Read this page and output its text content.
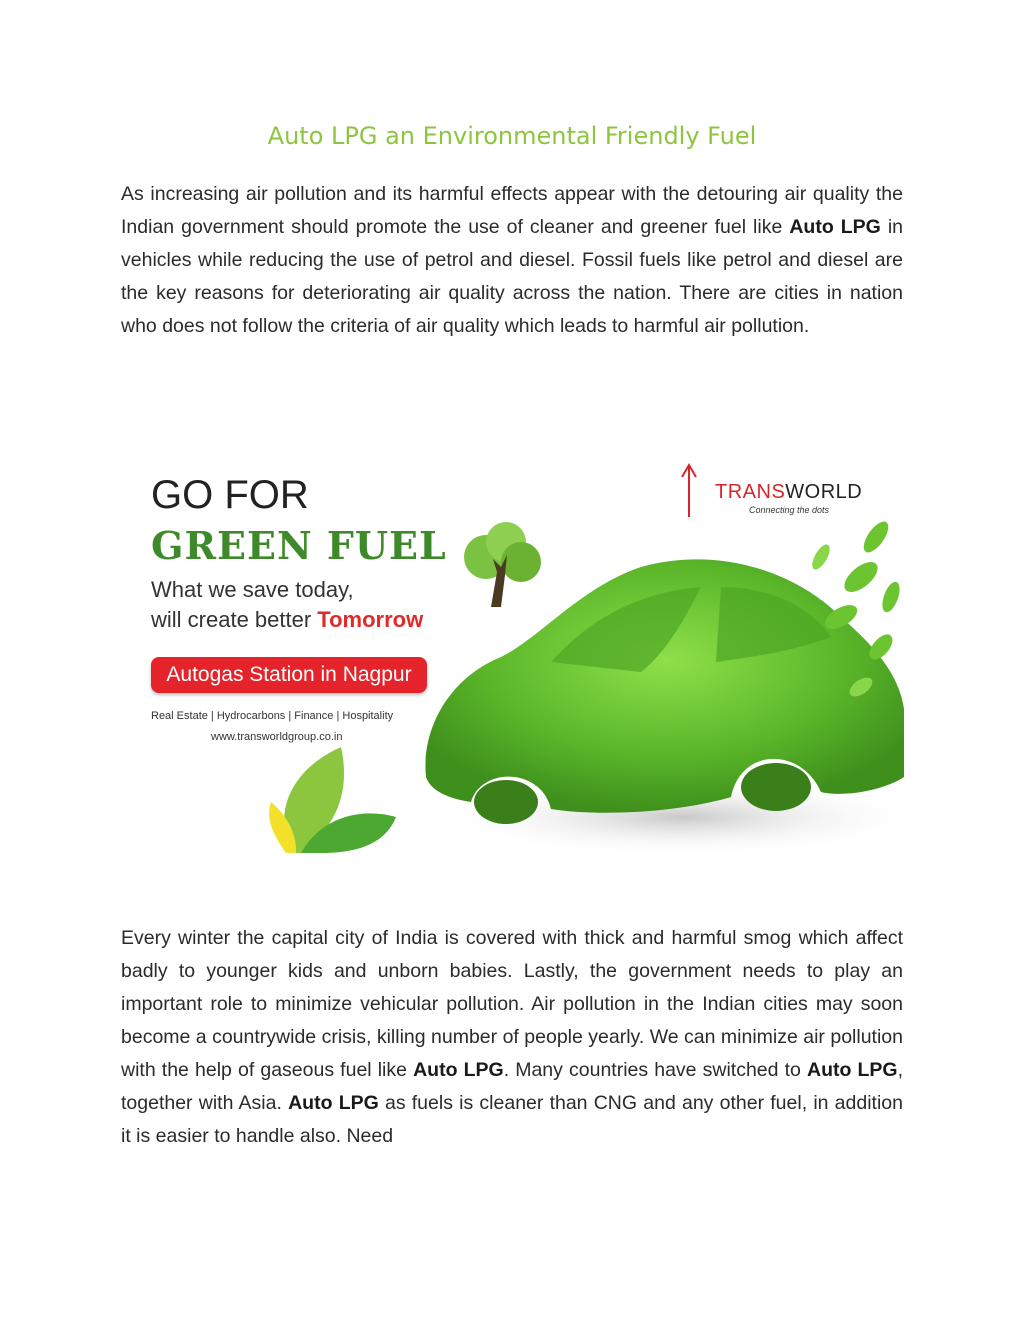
Auto LPG an Environmental Friendly Fuel

As increasing air pollution and its harmful effects appear with the detouring air quality the Indian government should promote the use of cleaner and greener fuel like Auto LPG in vehicles while reducing the use of petrol and diesel. Fossil fuels like petrol and diesel are the key reasons for deteriorating air quality across the nation. There are cities in nation who does not follow the criteria of air quality which leads to harmful air pollution.

GO FOR
GREEN FUEL
What we save today,
will create better Tomorrow
Autogas Station in Nagpur
Real Estate | Hydrocarbons | Finance | Hospitality
www.transworldgroup.co.in
TRANSWORLD
Connecting the dots

Every winter the capital city of India is covered with thick and harmful smog which affect badly to younger kids and unborn babies. Lastly, the government needs to play an important role to minimize vehicular pollution. Air pollution in the Indian cities may soon become a countrywide crisis, killing number of people yearly. We can minimize air pollution with the help of gaseous fuel like Auto LPG. Many countries have switched to Auto LPG, together with Asia. Auto LPG as fuels is cleaner than CNG and any other fuel, in addition it is easier to handle also. Need
